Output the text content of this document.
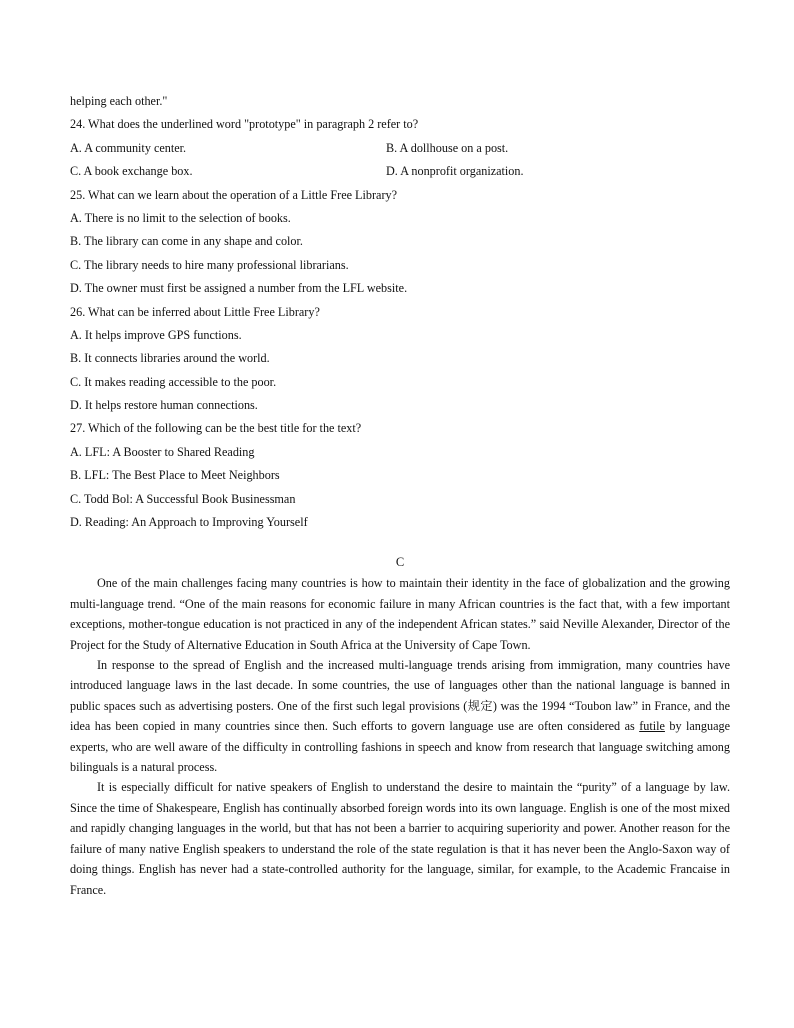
helping each other."
24. What does the underlined word "prototype" in paragraph 2 refer to?
A. A community center.	B. A dollhouse on a post.
C. A book exchange box.	D. A nonprofit organization.
25. What can we learn about the operation of a Little Free Library?
A. There is no limit to the selection of books.
B. The library can come in any shape and color.
C. The library needs to hire many professional librarians.
D. The owner must first be assigned a number from the LFL website.
26. What can be inferred about Little Free Library?
A. It helps improve GPS functions.
B. It connects libraries around the world.
C. It makes reading accessible to the poor.
D. It helps restore human connections.
27. Which of the following can be the best title for the text?
A. LFL: A Booster to Shared Reading
B. LFL: The Best Place to Meet Neighbors
C. Todd Bol: A Successful Book Businessman
D. Reading: An Approach to Improving Yourself
C

One of the main challenges facing many countries is how to maintain their identity in the face of globalization and the growing multi-language trend. “One of the main reasons for economic failure in many African countries is the fact that, with a few important exceptions, mother-tongue education is not practiced in any of the independent African states.” said Neville Alexander, Director of the Project for the Study of Alternative Education in South Africa at the University of Cape Town.

In response to the spread of English and the increased multi-language trends arising from immigration, many countries have introduced language laws in the last decade. In some countries, the use of languages other than the national language is banned in public spaces such as advertising posters. One of the first such legal provisions (规定) was the 1994 “Toubon law” in France, and the idea has been copied in many countries since then. Such efforts to govern language use are often considered as futile by language experts, who are well aware of the difficulty in controlling fashions in speech and know from research that language switching among bilinguals is a natural process.

It is especially difficult for native speakers of English to understand the desire to maintain the “purity” of a language by law. Since the time of Shakespeare, English has continually absorbed foreign words into its own language. English is one of the most mixed and rapidly changing languages in the world, but that has not been a barrier to acquiring superiority and power. Another reason for the failure of many native English speakers to understand the role of the state regulation is that it has never been the Anglo-Saxon way of doing things. English has never had a state-controlled authority for the language, similar, for example, to the Academic Francaise in France.
